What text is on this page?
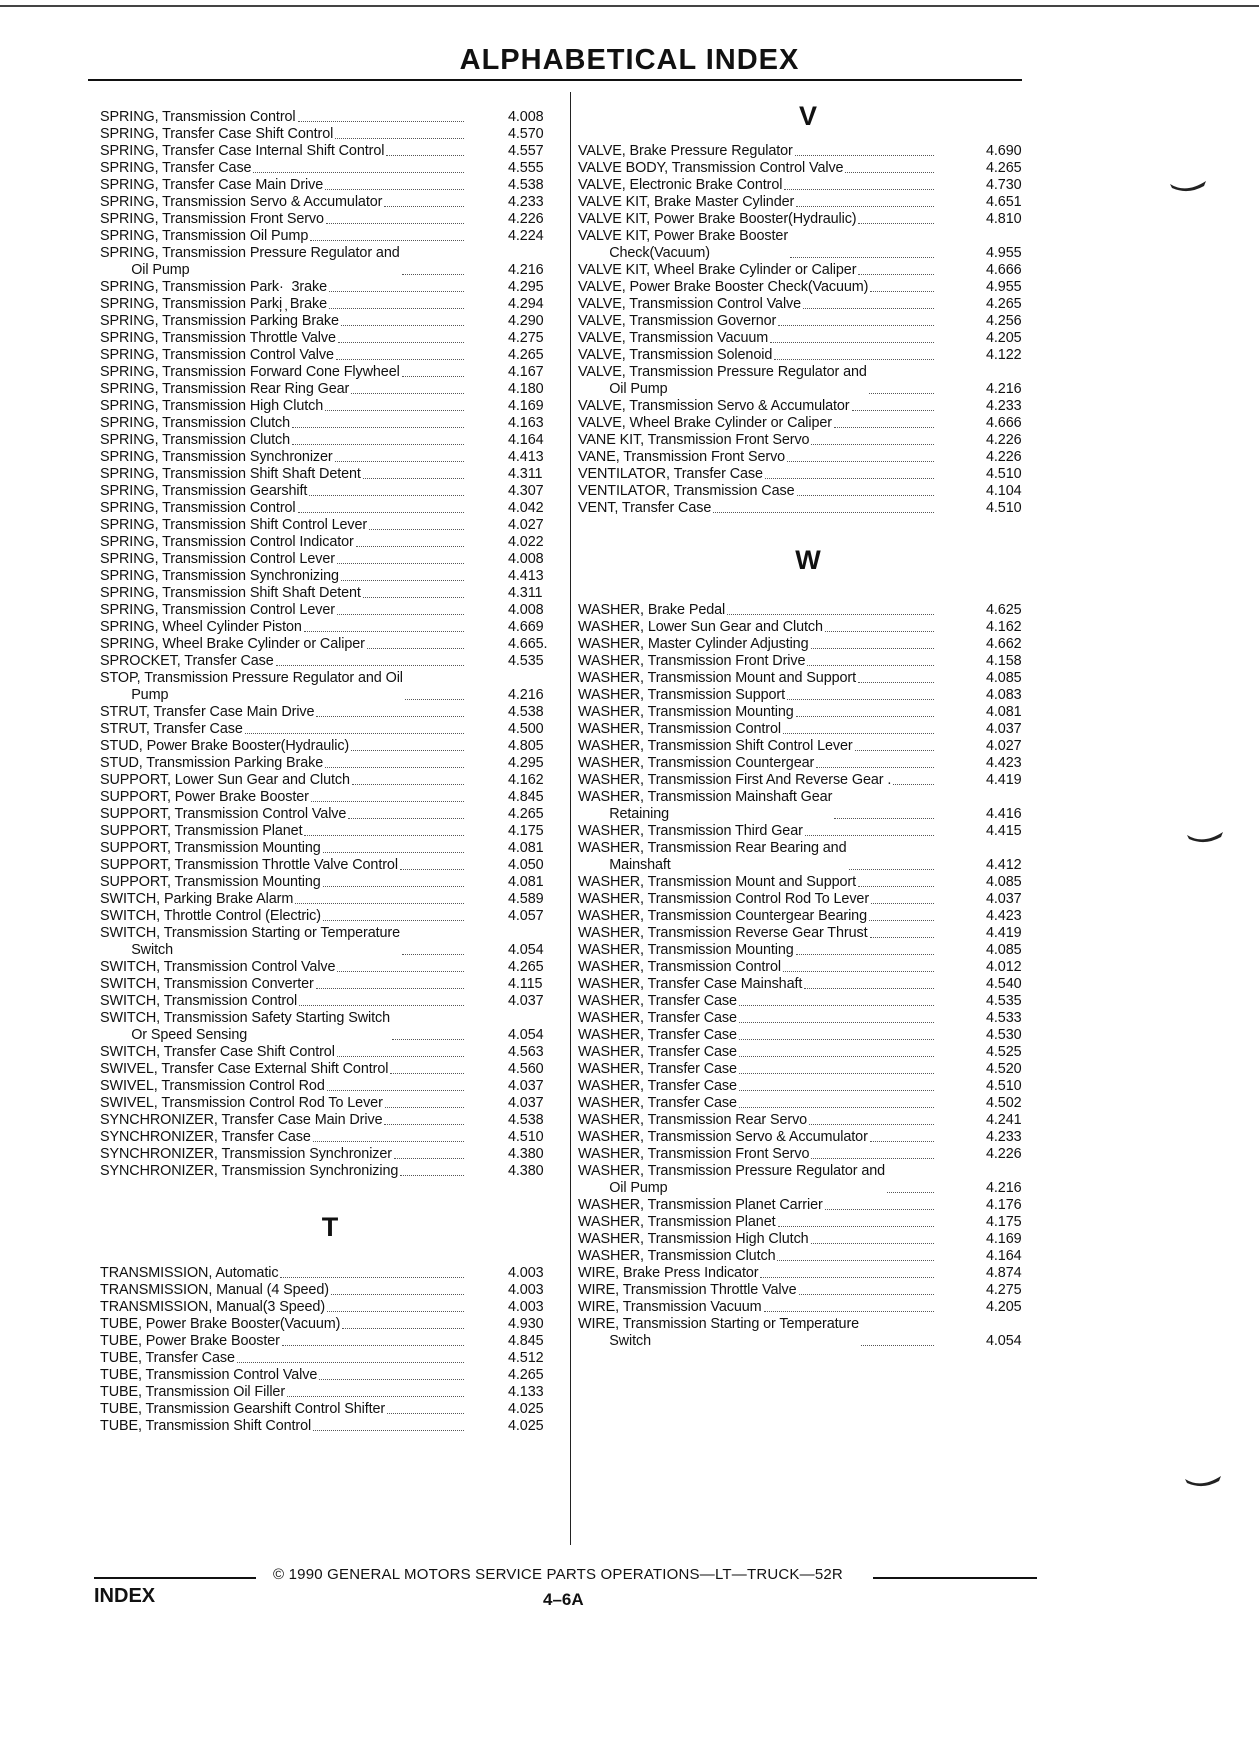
ALPHABETICAL INDEX
SPRING, Transmission Control	4.008
SPRING, Transfer Case Shift Control	4.570
SPRING, Transfer Case Internal Shift Control	4.557
SPRING, Transfer Case	4.555
SPRING, Transfer Case Main Drive	4.538
SPRING, Transmission Servo & Accumulator	4.233
SPRING, Transmission Front Servo	4.226
SPRING, Transmission Oil Pump	4.224
SPRING, Transmission Pressure Regulator and
Oil Pump	4.216
SPRING, Transmission Park·  3rake	4.295
SPRING, Transmission Parki̦ ̦ Brake	4.294
SPRING, Transmission Parking Brake	4.290
SPRING, Transmission Throttle Valve	4.275
SPRING, Transmission Control Valve	4.265
SPRING, Transmission Forward Cone Flywheel	4.167
SPRING, Transmission Rear Ring Gear	4.180
SPRING, Transmission High Clutch	4.169
SPRING, Transmission Clutch	4.163
SPRING, Transmission Clutch	4.164
SPRING, Transmission Synchronizer	4.413
SPRING, Transmission Shift Shaft Detent	4.311
SPRING, Transmission Gearshift	4.307
SPRING, Transmission Control	4.042
SPRING, Transmission Shift Control Lever	4.027
SPRING, Transmission Control Indicator	4.022
SPRING, Transmission Control Lever	4.008
SPRING, Transmission Synchronizing	4.413
SPRING, Transmission Shift Shaft Detent	4.311
SPRING, Transmission Control Lever	4.008
SPRING, Wheel Cylinder Piston	4.669
SPRING, Wheel Brake Cylinder or Caliper	4.665.
SPROCKET, Transfer Case	4.535
STOP, Transmission Pressure Regulator and Oil
Pump	4.216
STRUT, Transfer Case Main Drive	4.538
STRUT, Transfer Case	4.500
STUD, Power Brake Booster(Hydraulic)	4.805
STUD, Transmission Parking Brake	4.295
SUPPORT, Lower Sun Gear and Clutch	4.162
SUPPORT, Power Brake Booster	4.845
SUPPORT, Transmission Control Valve	4.265
SUPPORT, Transmission Planet	4.175
SUPPORT, Transmission Mounting	4.081
SUPPORT, Transmission Throttle Valve Control	4.050
SUPPORT, Transmission Mounting	4.081
SWITCH, Parking Brake Alarm	4.589
SWITCH, Throttle Control (Electric)	4.057
SWITCH, Transmission Starting or Temperature
Switch	4.054
SWITCH, Transmission Control Valve	4.265
SWITCH, Transmission Converter	4.115
SWITCH, Transmission Control	4.037
SWITCH, Transmission Safety Starting Switch
Or Speed Sensing	4.054
SWITCH, Transfer Case Shift Control	4.563
SWIVEL, Transfer Case External Shift Control	4.560
SWIVEL, Transmission Control Rod	4.037
SWIVEL, Transmission Control Rod To Lever	4.037
SYNCHRONIZER, Transfer Case Main Drive	4.538
SYNCHRONIZER, Transfer Case	4.510
SYNCHRONIZER, Transmission Synchronizer	4.380
SYNCHRONIZER, Transmission Synchronizing	4.380
T
TRANSMISSION, Automatic	4.003
TRANSMISSION, Manual (4 Speed)	4.003
TRANSMISSION, Manual(3 Speed)	4.003
TUBE, Power Brake Booster(Vacuum)	4.930
TUBE, Power Brake Booster	4.845
TUBE, Transfer Case	4.512
TUBE, Transmission Control Valve	4.265
TUBE, Transmission Oil Filler	4.133
TUBE, Transmission Gearshift Control Shifter	4.025
TUBE, Transmission Shift Control	4.025
V
VALVE, Brake Pressure Regulator	4.690
VALVE BODY, Transmission Control Valve	4.265
VALVE, Electronic Brake Control	4.730
VALVE KIT, Brake Master Cylinder	4.651
VALVE KIT, Power Brake Booster(Hydraulic)	4.810
VALVE KIT, Power Brake Booster
Check(Vacuum)	4.955
VALVE KIT, Wheel Brake Cylinder or Caliper	4.666
VALVE, Power Brake Booster Check(Vacuum)	4.955
VALVE, Transmission Control Valve	4.265
VALVE, Transmission Governor	4.256
VALVE, Transmission Vacuum	4.205
VALVE, Transmission Solenoid	4.122
VALVE, Transmission Pressure Regulator and
Oil Pump	4.216
VALVE, Transmission Servo & Accumulator	4.233
VALVE, Wheel Brake Cylinder or Caliper	4.666
VANE KIT, Transmission Front Servo	4.226
VANE, Transmission Front Servo	4.226
VENTILATOR, Transfer Case	4.510
VENTILATOR, Transmission Case	4.104
VENT, Transfer Case	4.510
W
WASHER, Brake Pedal	4.625
WASHER, Lower Sun Gear and Clutch	4.162
WASHER, Master Cylinder Adjusting	4.662
WASHER, Transmission Front Drive	4.158
WASHER, Transmission Mount and Support	4.085
WASHER, Transmission Support	4.083
WASHER, Transmission Mounting	4.081
WASHER, Transmission Control	4.037
WASHER, Transmission Shift Control Lever	4.027
WASHER, Transmission Countergear	4.423
WASHER, Transmission First And Reverse Gear .	4.419
WASHER, Transmission Mainshaft Gear
Retaining	4.416
WASHER, Transmission Third Gear	4.415
WASHER, Transmission Rear Bearing and
Mainshaft	4.412
WASHER, Transmission Mount and Support	4.085
WASHER, Transmission Control Rod To Lever	4.037
WASHER, Transmission Countergear Bearing	4.423
WASHER, Transmission Reverse Gear Thrust	4.419
WASHER, Transmission Mounting	4.085
WASHER, Transmission Control	4.012
WASHER, Transfer Case Mainshaft	4.540
WASHER, Transfer Case	4.535
WASHER, Transfer Case	4.533
WASHER, Transfer Case	4.530
WASHER, Transfer Case	4.525
WASHER, Transfer Case	4.520
WASHER, Transfer Case	4.510
WASHER, Transfer Case	4.502
WASHER, Transmission Rear Servo	4.241
WASHER, Transmission Servo & Accumulator	4.233
WASHER, Transmission Front Servo	4.226
WASHER, Transmission Pressure Regulator and
Oil Pump	4.216
WASHER, Transmission Planet Carrier	4.176
WASHER, Transmission Planet	4.175
WASHER, Transmission High Clutch	4.169
WASHER, Transmission Clutch	4.164
WIRE, Brake Press Indicator	4.874
WIRE, Transmission Throttle Valve	4.275
WIRE, Transmission Vacuum	4.205
WIRE, Transmission Starting or Temperature
Switch	4.054
© 1990 GENERAL MOTORS SERVICE PARTS OPERATIONS—LT—TRUCK—52R
INDEX	4–6A
